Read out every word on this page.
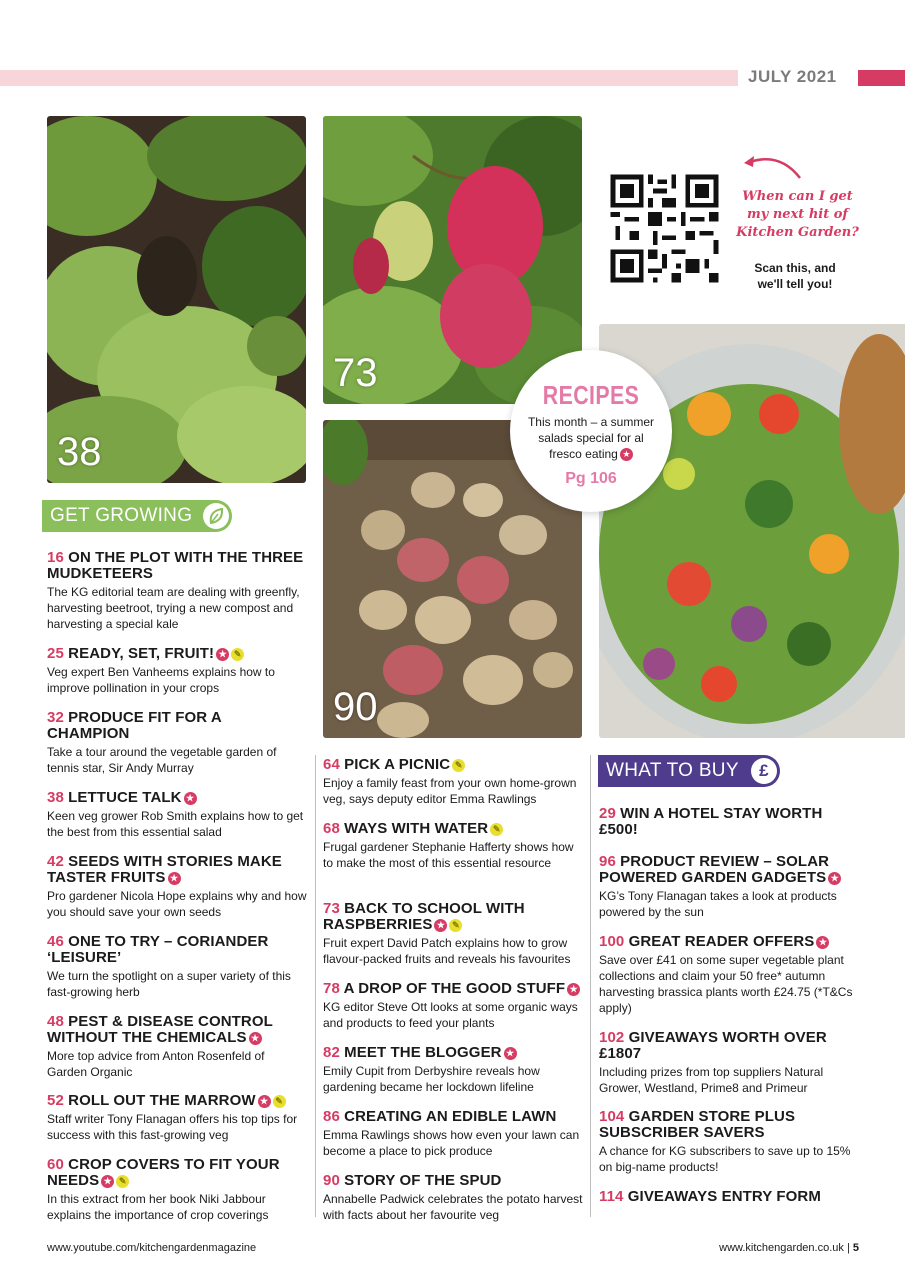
JULY 2021
38
73
90
When can I get my next hit of Kitchen Garden?
Scan this, and we'll tell you!
RECIPES
This month – a summer salads special for al fresco eating ★
Pg 106
GET GROWING
WHAT TO BUY	£
16 ON THE PLOT WITH THE THREE MUDKETEERS
The KG editorial team are dealing with greenfly, harvesting beetroot, trying a new compost and harvesting a special kale
25 READY, SET, FRUIT! ★ ✎
Veg expert Ben Vanheems explains how to improve pollination in your crops
32 PRODUCE FIT FOR A CHAMPION
Take a tour around the vegetable garden of tennis star, Sir Andy Murray
38 LETTUCE TALK ★
Keen veg grower Rob Smith explains how to get the best from this essential salad
42 SEEDS WITH STORIES MAKE TASTER FRUITS ★
Pro gardener Nicola Hope explains why and how you should save your own seeds
46 ONE TO TRY – CORIANDER ‘LEISURE’
We turn the spotlight on a super variety of this fast-growing herb
48 PEST & DISEASE CONTROL WITHOUT THE CHEMICALS ★
More top advice from Anton Rosenfeld of Garden Organic
52 ROLL OUT THE MARROW ★ ✎
Staff writer Tony Flanagan offers his top tips for success with this fast-growing veg
60 CROP COVERS TO FIT YOUR NEEDS ★ ✎
In this extract from her book Niki Jabbour explains the importance of crop coverings
64 PICK A PICNIC ✎
Enjoy a family feast from your own home-grown veg, says deputy editor Emma Rawlings
68 WAYS WITH WATER ✎
Frugal gardener Stephanie Hafferty shows how to make the most of this essential resource
73 BACK TO SCHOOL WITH RASPBERRIES ★ ✎
Fruit expert David Patch explains how to grow flavour-packed fruits and reveals his favourites
78 A DROP OF THE GOOD STUFF ★
KG editor Steve Ott looks at some organic ways and products to feed your plants
82 MEET THE BLOGGER ★
Emily Cupit from Derbyshire reveals how gardening became her lockdown lifeline
86 CREATING AN EDIBLE LAWN
Emma Rawlings shows how even your lawn can become a place to pick produce
90 STORY OF THE SPUD
Annabelle Padwick celebrates the potato harvest with facts about her favourite veg
29 WIN A HOTEL STAY WORTH £500!
96 PRODUCT REVIEW – SOLAR POWERED GARDEN GADGETS ★
KG’s Tony Flanagan takes a look at products powered by the sun
100 GREAT READER OFFERS ★
Save over £41 on some super vegetable plant collections and claim your 50 free* autumn harvesting brassica plants worth £24.75 (*T&Cs apply)
102 GIVEAWAYS WORTH OVER £1807
Including prizes from top suppliers Natural Grower, Westland, Prime8 and Primeur
104 GARDEN STORE PLUS SUBSCRIBER SAVERS
A chance for KG subscribers to save up to 15% on big-name products!
114 GIVEAWAYS ENTRY FORM
www.youtube.com/kitchengardenmagazine	www.kitchengarden.co.uk | 5
